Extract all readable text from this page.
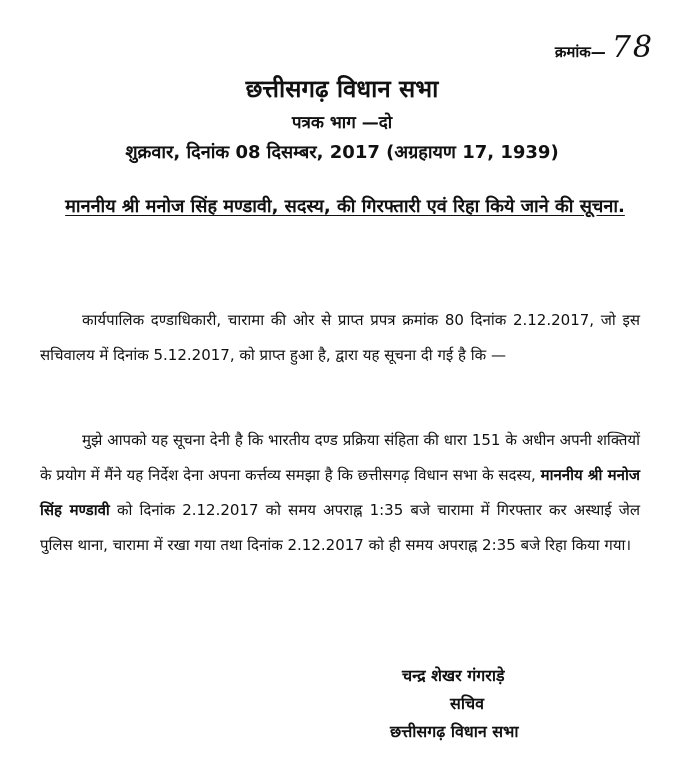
क्रमांक— 78
छत्तीसगढ़ विधान सभा
पत्रक भाग —दो
शुक्रवार, दिनांक 08 दिसम्बर, 2017 (अग्रहायण 17, 1939)
माननीय श्री मनोज सिंह मण्डावी, सदस्य, की गिरफ्तारी एवं रिहा किये जाने की सूचना.

कार्यपालिक दण्डाधिकारी, चारामा की ओर से प्राप्त प्रपत्र क्रमांक 80 दिनांक 2.12.2017, जो इस सचिवालय में दिनांक 5.12.2017, को प्राप्त हुआ है, द्वारा यह सूचना दी गई है कि —

मुझे आपको यह सूचना देनी है कि भारतीय दण्ड प्रक्रिया संहिता की धारा 151 के अधीन अपनी शक्तियों के प्रयोग में मैंने यह निर्देश देना अपना कर्त्तव्य समझा है कि छत्तीसगढ़ विधान सभा के सदस्य, माननीय श्री मनोज सिंह मण्डावी को दिनांक 2.12.2017 को समय अपराह्न 1:35 बजे चारामा में गिरफ्तार कर अस्थाई जेल पुलिस थाना, चारामा में रखा गया तथा दिनांक 2.12.2017 को ही समय अपराह्न 2:35 बजे रिहा किया गया।

चन्द्र शेखर गंगराड़े
सचिव
छत्तीसगढ़ विधान सभा
